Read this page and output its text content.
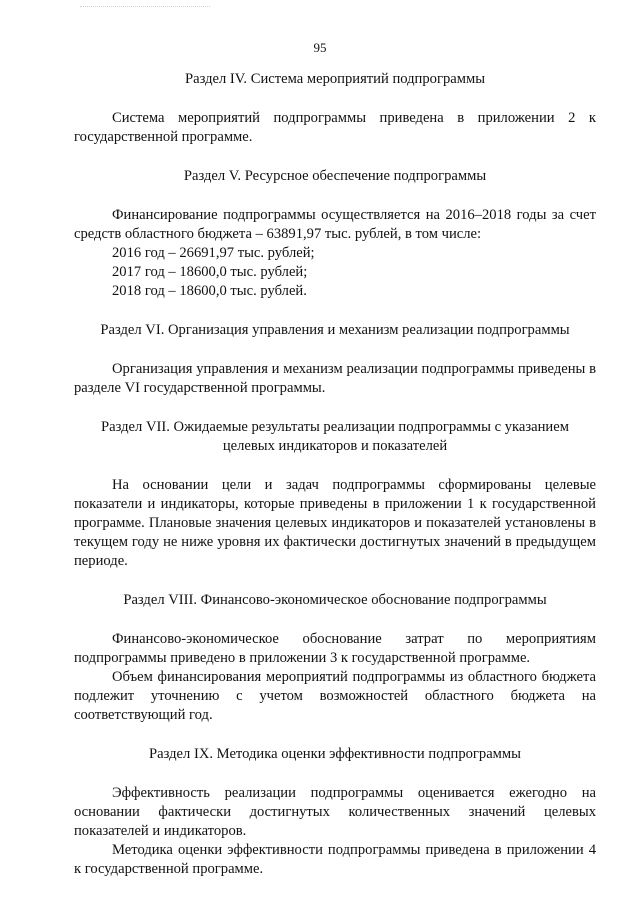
95

Раздел IV. Система мероприятий подпрограммы

Система мероприятий подпрограммы приведена в приложении 2 к государственной программе.

Раздел V. Ресурсное обеспечение подпрограммы

Финансирование подпрограммы осуществляется на 2016–2018 годы за счет средств областного бюджета – 63891,97 тыс. рублей, в том числе:

2016 год – 26691,97 тыс. рублей;

2017 год – 18600,0 тыс. рублей;

2018 год – 18600,0 тыс. рублей.

Раздел VI. Организация управления и механизм реализации подпрограммы

Организация управления и механизм реализации подпрограммы приведены в разделе VI государственной программы.

Раздел VII. Ожидаемые результаты реализации подпрограммы с указанием

целевых индикаторов и показателей

На основании цели и задач подпрограммы сформированы целевые показатели и индикаторы, которые приведены в приложении 1 к государственной программе. Плановые значения целевых индикаторов и показателей установлены в текущем году не ниже уровня их фактически достигнутых значений в предыдущем периоде.

Раздел VIII. Финансово-экономическое обоснование подпрограммы

Финансово-экономическое обоснование затрат по мероприятиям подпрограммы приведено в приложении 3 к государственной программе.

Объем финансирования мероприятий подпрограммы из областного бюджета подлежит уточнению с учетом возможностей областного бюджета на соответствующий год.

Раздел IX. Методика оценки эффективности подпрограммы

Эффективность реализации подпрограммы оценивается ежегодно на основании фактически достигнутых количественных значений целевых показателей и индикаторов.

Методика оценки эффективности подпрограммы приведена в приложении 4 к государственной программе.
